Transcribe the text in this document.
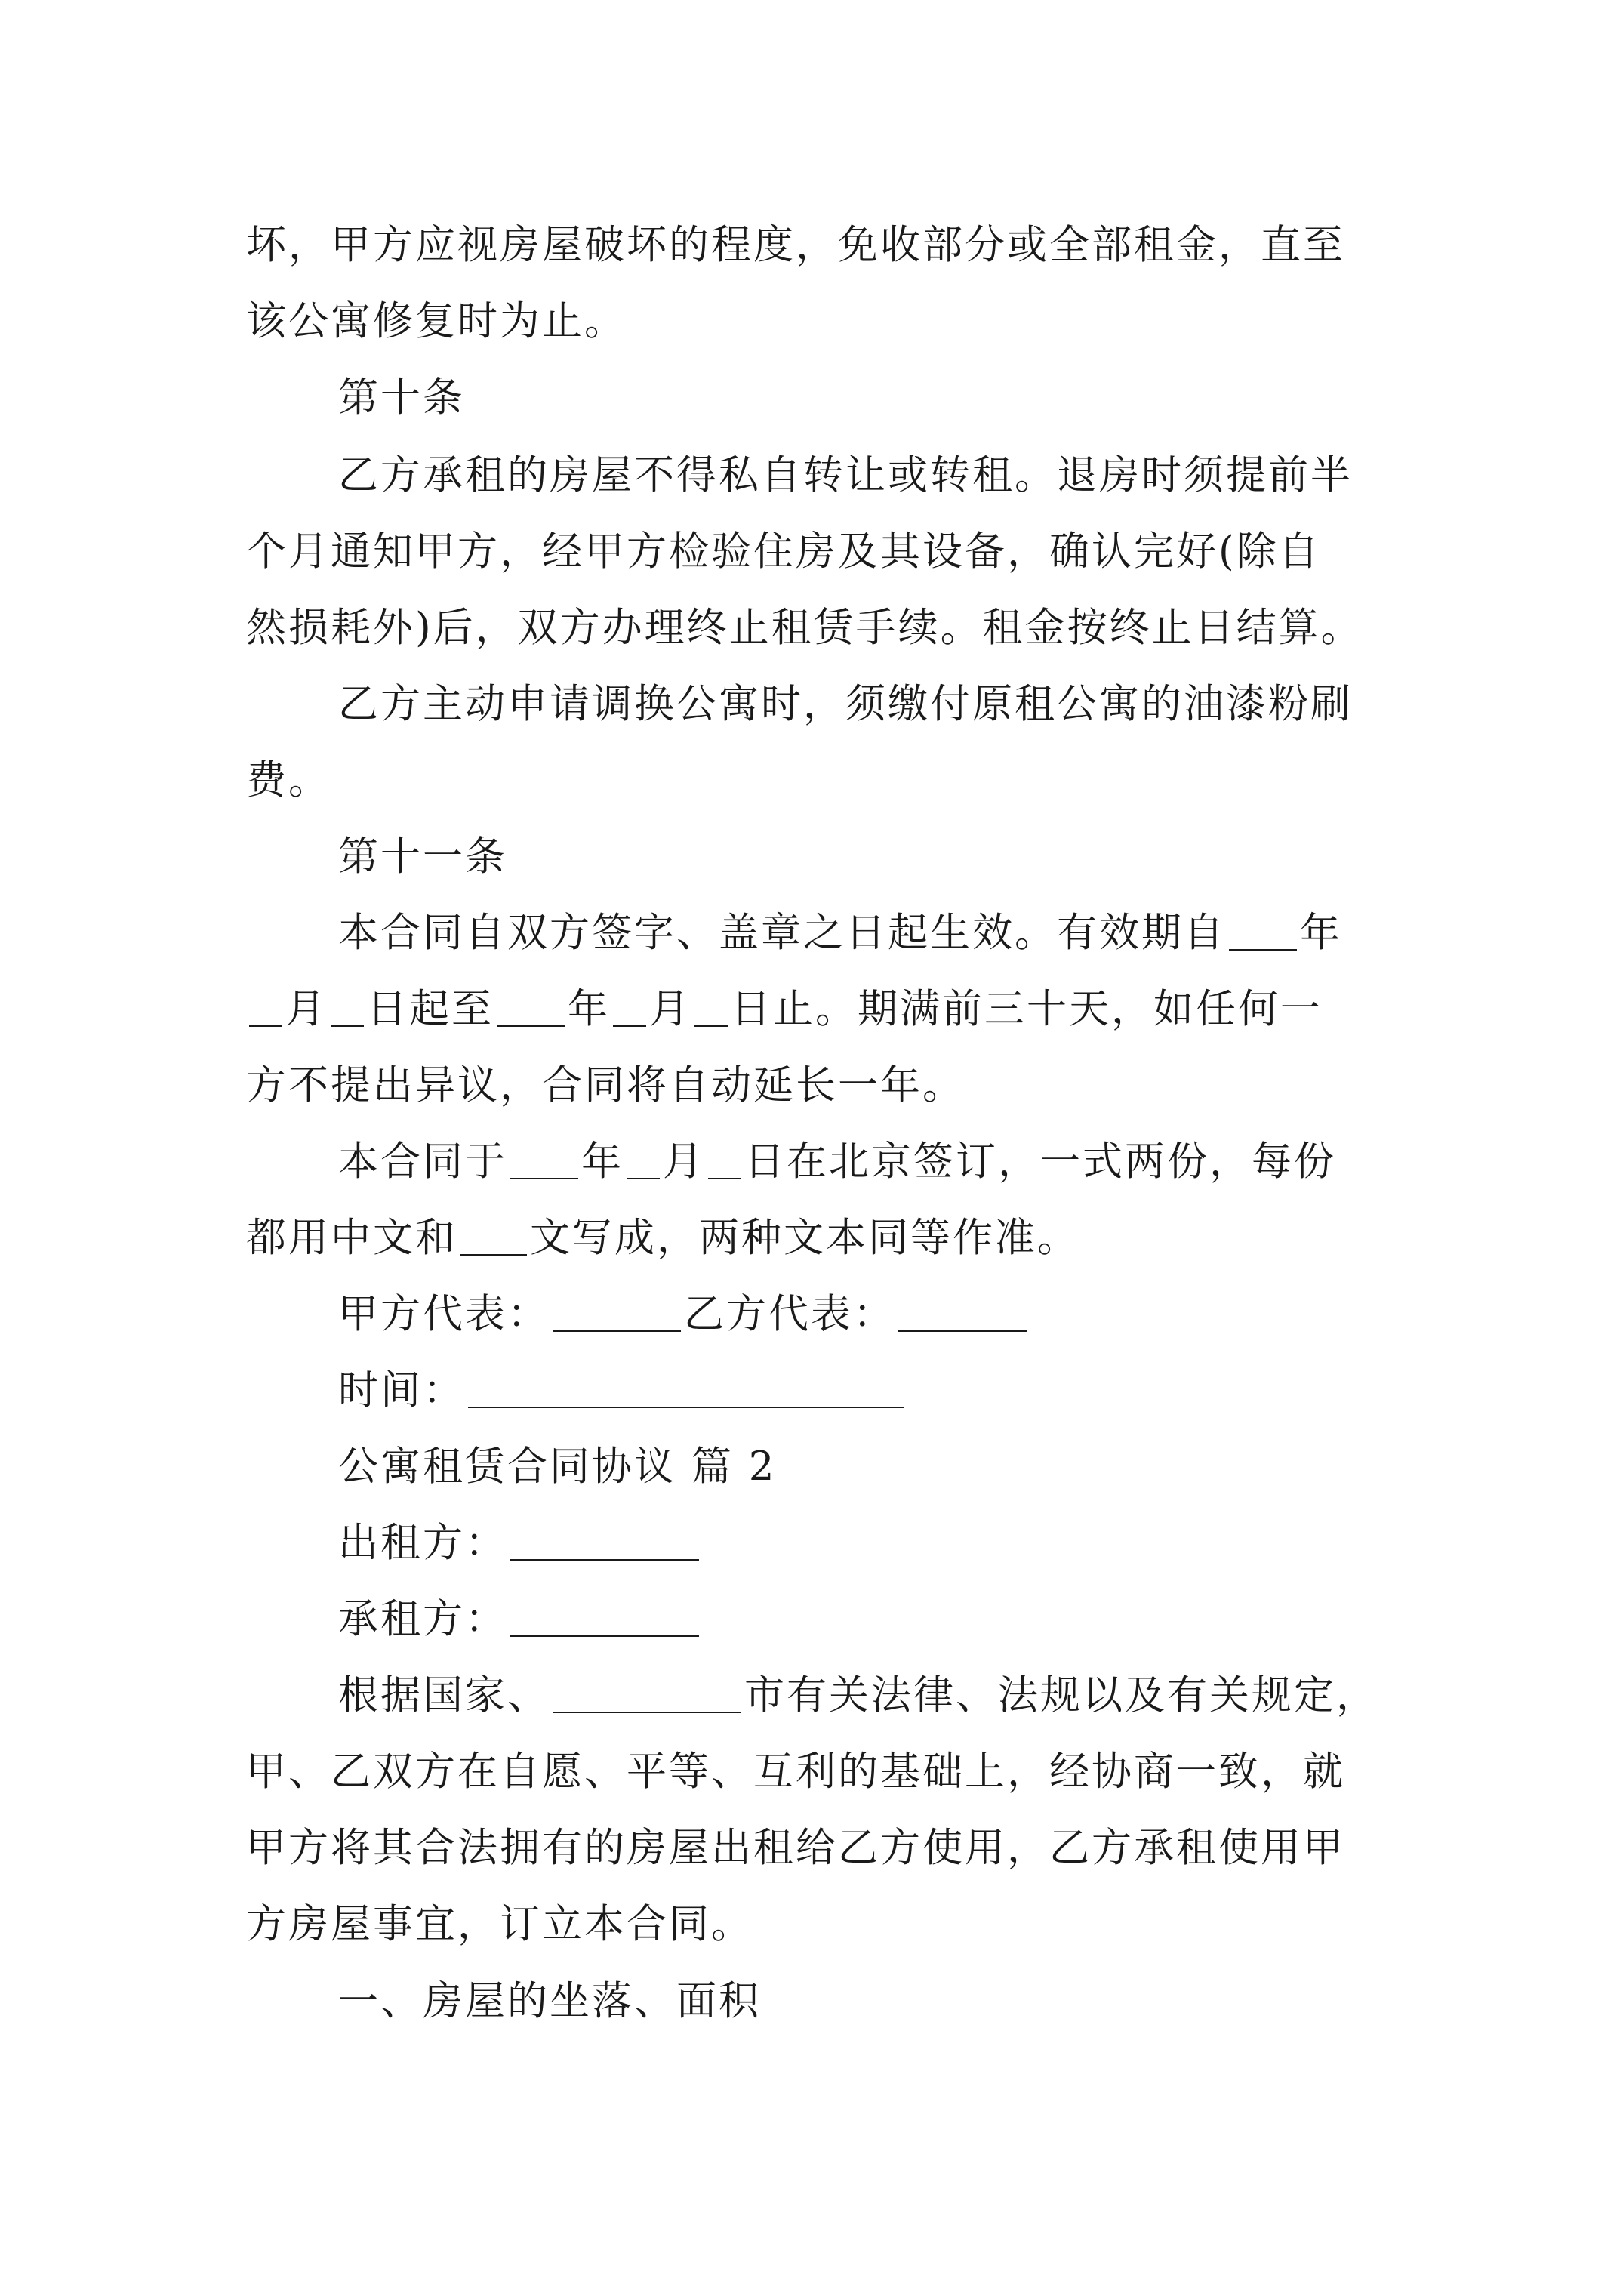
坏，甲方应视房屋破坏的程度，免收部分或全部租金，直至
该公寓修复时为止。
第十条
乙方承租的房屋不得私自转让或转租。退房时须提前半
个月通知甲方，经甲方检验住房及其设备，确认完好(除自
然损耗外)后，双方办理终止租赁手续。租金按终止日结算。
乙方主动申请调换公寓时，须缴付原租公寓的油漆粉刷
费。
第十一条
本合同自双方签字、盖章之日起生效。有效期自 年
月 日起至 年 月 日止。期满前三十天，如任何一
方不提出异议，合同将自动延长一年。
本合同于 年 月 日在北京签订，一式两份，每份
都用中文和 文写成，两种文本同等作准。
甲方代表：	乙方代表：
时间：
公寓租赁合同协议 篇 2
出租方：
承租方：
根据国家、	市有关法律、法规以及有关规定，
甲、乙双方在自愿、平等、互利的基础上，经协商一致，就
甲方将其合法拥有的房屋出租给乙方使用，乙方承租使用甲
方房屋事宜，订立本合同。
一、房屋的坐落、面积
